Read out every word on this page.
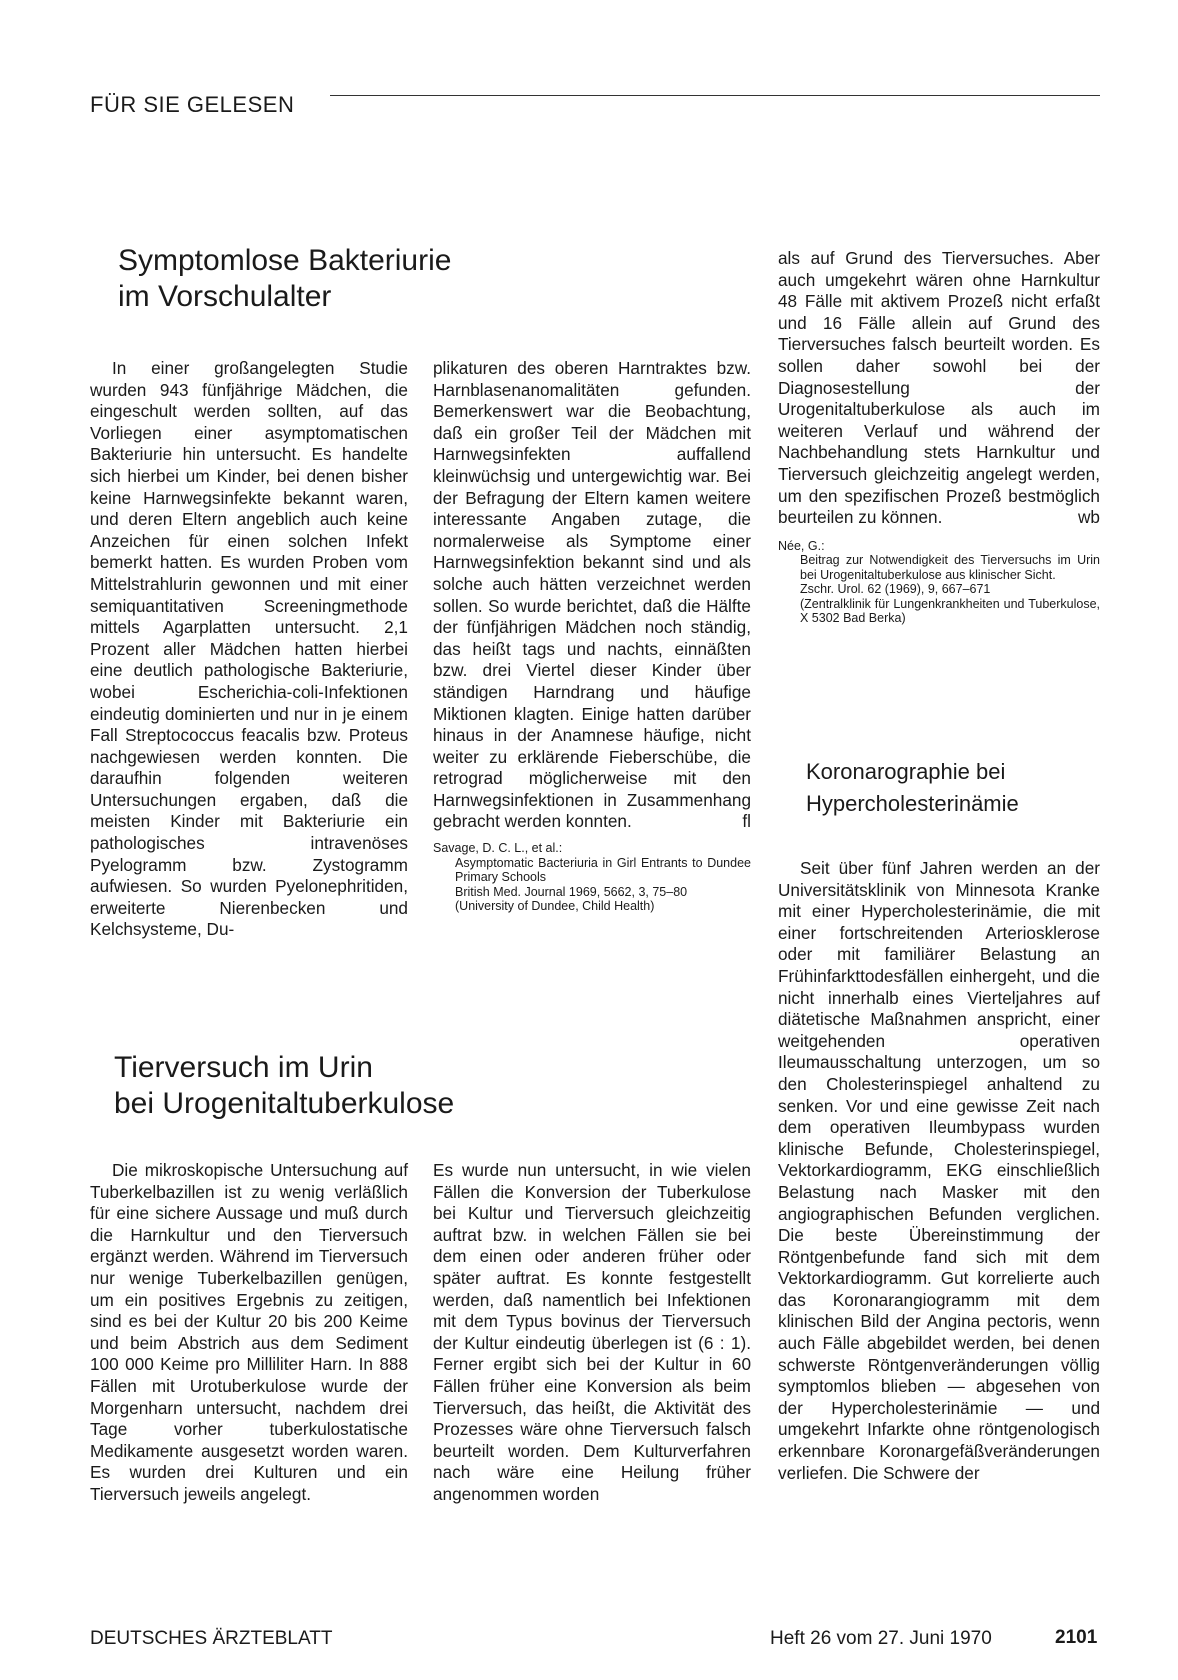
FÜR SIE GELESEN
Symptomlose Bakteriurie
im Vorschulalter

In einer großangelegten Studie wurden 943 fünfjährige Mädchen, die eingeschult werden sollten, auf das Vorliegen einer asymptomatischen Bakteriurie hin untersucht. Es handelte sich hierbei um Kinder, bei denen bisher keine Harnwegsinfekte bekannt waren, und deren Eltern angeblich auch keine Anzeichen für einen solchen Infekt bemerkt hatten. Es wurden Proben vom Mittelstrahlurin gewonnen und mit einer semiquantitativen Screeningmethode mittels Agarplatten untersucht. 2,1 Prozent aller Mädchen hatten hierbei eine deutlich pathologische Bakteriurie, wobei Escherichia-coli-Infektionen eindeutig dominierten und nur in je einem Fall Streptococcus feacalis bzw. Proteus nachgewiesen werden konnten. Die daraufhin folgenden weiteren Untersuchungen ergaben, daß die meisten Kinder mit Bakteriurie ein pathologisches intravenöses Pyelogramm bzw. Zystogramm aufwiesen. So wurden Pyelonephritiden, erweiterte Nierenbecken und Kelchsysteme, Du-

plikaturen des oberen Harntraktes bzw. Harnblasenanomalitäten gefunden. Bemerkenswert war die Beobachtung, daß ein großer Teil der Mädchen mit Harnwegsinfekten auffallend kleinwüchsig und untergewichtig war. Bei der Befragung der Eltern kamen weitere interessante Angaben zutage, die normalerweise als Symptome einer Harnwegsinfektion bekannt sind und als solche auch hätten verzeichnet werden sollen. So wurde berichtet, daß die Hälfte der fünfjährigen Mädchen noch ständig, das heißt tags und nachts, einnäßten bzw. drei Viertel dieser Kinder über ständigen Harndrang und häufige Miktionen klagten. Einige hatten darüber hinaus in der Anamnese häufige, nicht weiter zu erklärende Fieberschübe, die retrograd möglicherweise mit den Harnwegsinfektionen in Zusammenhang gebracht werden konnten.	fl

Savage, D. C. L., et al.:
Asymptomatic Bacteriuria in Girl Entrants to Dundee Primary Schools
British Med. Journal 1969, 5662, 3, 75–80
(University of Dundee, Child Health)
Tierversuch im Urin
bei Urogenitaltuberkulose

Die mikroskopische Untersuchung auf Tuberkelbazillen ist zu wenig verläßlich für eine sichere Aussage und muß durch die Harnkultur und den Tierversuch ergänzt werden. Während im Tierversuch nur wenige Tuberkelbazillen genügen, um ein positives Ergebnis zu zeitigen, sind es bei der Kultur 20 bis 200 Keime und beim Abstrich aus dem Sediment 100 000 Keime pro Milliliter Harn. In 888 Fällen mit Urotuberkulose wurde der Morgenharn untersucht, nachdem drei Tage vorher tuberkulostatische Medikamente ausgesetzt worden waren. Es wurden drei Kulturen und ein Tierversuch jeweils angelegt.

Es wurde nun untersucht, in wie vielen Fällen die Konversion der Tuberkulose bei Kultur und Tierversuch gleichzeitig auftrat bzw. in welchen Fällen sie bei dem einen oder anderen früher oder später auftrat. Es konnte festgestellt werden, daß namentlich bei Infektionen mit dem Typus bovinus der Tierversuch der Kultur eindeutig überlegen ist (6 : 1). Ferner ergibt sich bei der Kultur in 60 Fällen früher eine Konversion als beim Tierversuch, das heißt, die Aktivität des Prozesses wäre ohne Tierversuch falsch beurteilt worden. Dem Kulturverfahren nach wäre eine Heilung früher angenommen worden

als auf Grund des Tierversuches. Aber auch umgekehrt wären ohne Harnkultur 48 Fälle mit aktivem Prozeß nicht erfaßt und 16 Fälle allein auf Grund des Tierversuches falsch beurteilt worden. Es sollen daher sowohl bei der Diagnosestellung der Urogenitaltuberkulose als auch im weiteren Verlauf und während der Nachbehandlung stets Harnkultur und Tierversuch gleichzeitig angelegt werden, um den spezifischen Prozeß bestmöglich beurteilen zu können.	wb

Née, G.:
Beitrag zur Notwendigkeit des Tierversuchs im Urin bei Urogenitaltuberkulose aus klinischer Sicht.
Zschr. Urol. 62 (1969), 9, 667–671
(Zentralklinik für Lungenkrankheiten und Tuberkulose, X 5302 Bad Berka)
Koronarographie bei
Hypercholesterinämie

Seit über fünf Jahren werden an der Universitätsklinik von Minnesota Kranke mit einer Hypercholesterinämie, die mit einer fortschreitenden Arteriosklerose oder mit familiärer Belastung an Frühinfarkttodesfällen einhergeht, und die nicht innerhalb eines Vierteljahres auf diätetische Maßnahmen anspricht, einer weitgehenden operativen Ileumausschaltung unterzogen, um so den Cholesterinspiegel anhaltend zu senken. Vor und eine gewisse Zeit nach dem operativen Ileumbypass wurden klinische Befunde, Cholesterinspiegel, Vektorkardiogramm, EKG einschließlich Belastung nach Masker mit den angiographischen Befunden verglichen. Die beste Übereinstimmung der Röntgenbefunde fand sich mit dem Vektorkardiogramm. Gut korrelierte auch das Koronarangiogramm mit dem klinischen Bild der Angina pectoris, wenn auch Fälle abgebildet werden, bei denen schwerste Röntgenveränderungen völlig symptomlos blieben — abgesehen von der Hypercholesterinämie — und umgekehrt Infarkte ohne röntgenologisch erkennbare Koronargefäßveränderungen verliefen. Die Schwere der

DEUTSCHES ÄRZTEBLATT	Heft 26 vom 27. Juni 1970	2101
